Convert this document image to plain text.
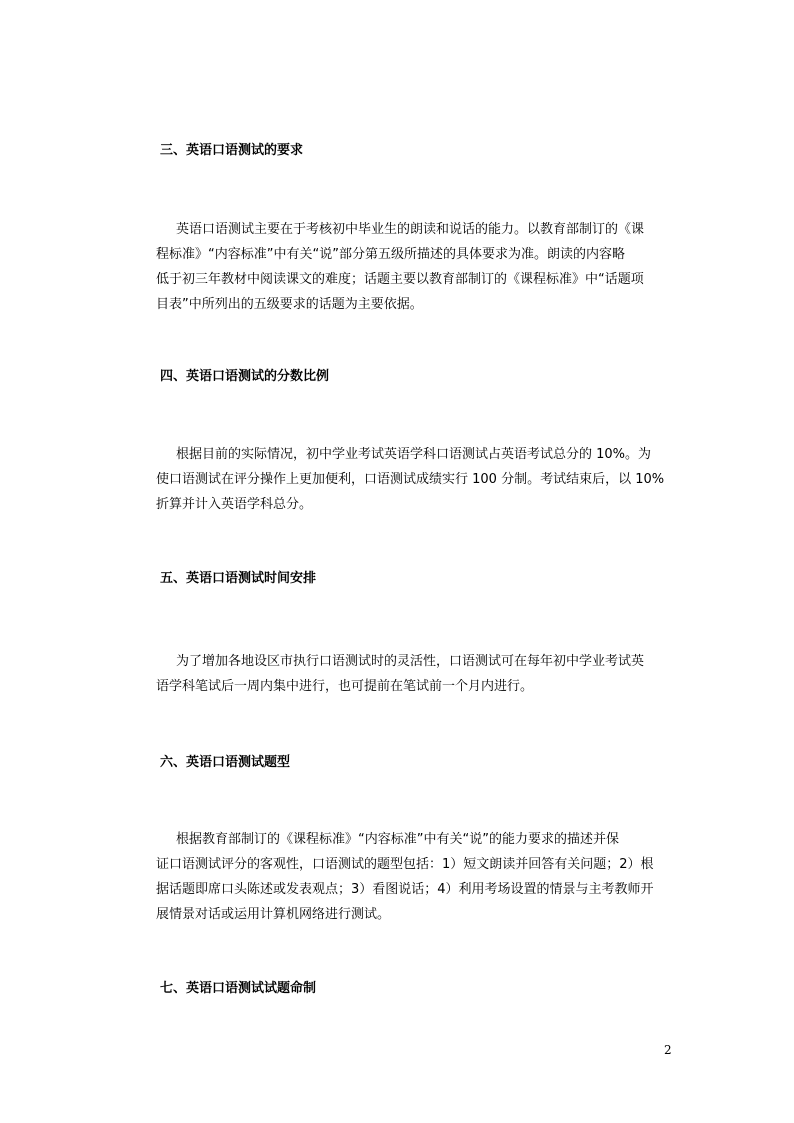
三、英语口语测试的要求
英语口语测试主要在于考核初中毕业生的朗读和说话的能力。以教育部制订的《课
程标准》“内容标准”中有关“说”部分第五级所描述的具体要求为准。朗读的内容略
低于初三年教材中阅读课文的难度；话题主要以教育部制订的《课程标准》中“话题项
目表”中所列出的五级要求的话题为主要依据。
四、英语口语测试的分数比例
根据目前的实际情况，初中学业考试英语学科口语测试占英语考试总分的 10%。为
使口语测试在评分操作上更加便利，口语测试成绩实行 100 分制。考试结束后，以 10%
折算并计入英语学科总分。
五、英语口语测试时间安排
为了增加各地设区市执行口语测试时的灵活性，口语测试可在每年初中学业考试英
语学科笔试后一周内集中进行，也可提前在笔试前一个月内进行。
六、英语口语测试题型
根据教育部制订的《课程标准》“内容标准”中有关“说”的能力要求的描述并保
证口语测试评分的客观性，口语测试的题型包括：1）短文朗读并回答有关问题；2）根
据话题即席口头陈述或发表观点；3）看图说话；4）利用考场设置的情景与主考教师开
展情景对话或运用计算机网络进行测试。
七、英语口语测试试题命制
2
